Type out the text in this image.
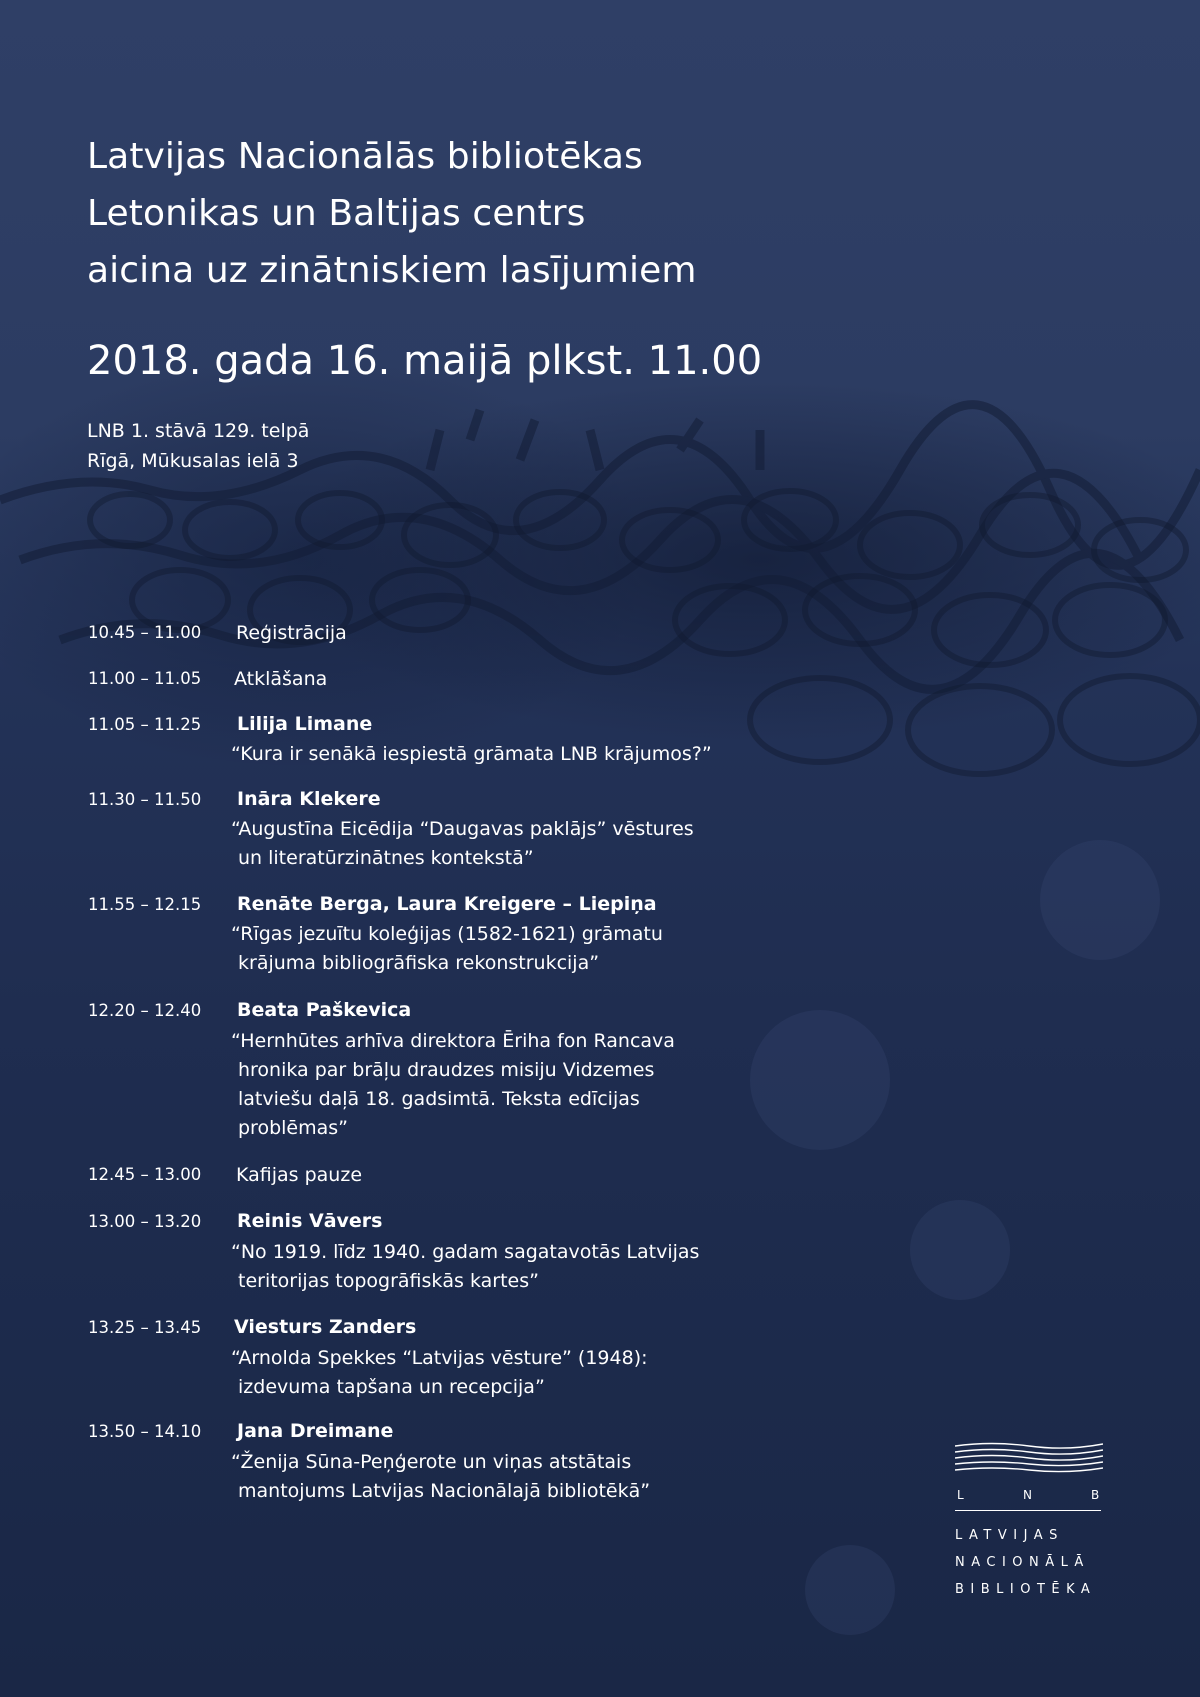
Latvijas Nacionālās bibliotēkas
Letonikas un Baltijas centrs
aicina uz zinātniskiem lasījumiem
2018. gada 16. maijā plkst. 11.00
LNB 1. stāvā 129. telpā
Rīgā, Mūkusalas ielā 3
10.45 – 11.00 Reģistrācija
11.00 – 11.05 Atklāšana
11.05 – 11.25 Lilija Limane
“Kura ir senākā iespiestā grāmata LNB krājumos?”
11.30 – 11.50 Ināra Klekere
“Augustīna Eicēdija “Daugavas paklājs” vēstures
un literatūrzinātnes kontekstā”
11.55 – 12.15 Renāte Berga, Laura Kreigere – Liepiņa
“Rīgas jezuītu koleģijas (1582-1621) grāmatu
krājuma bibliogrāfiska rekonstrukcija”
12.20 – 12.40 Beata Paškevica
“Hernhūtes arhīva direktora Ēriha fon Rancava
hronika par brāļu draudzes misiju Vidzemes
latviešu daļā 18. gadsimtā. Teksta edīcijas
problēmas”
12.45 – 13.00 Kafijas pauze
13.00 – 13.20 Reinis Vāvers
“No 1919. līdz 1940. gadam sagatavotās Latvijas
teritorijas topogrāfiskās kartes”
13.25 – 13.45 Viesturs Zanders
“Arnolda Spekkes “Latvijas vēsture” (1948):
izdevuma tapšana un recepcija”
13.50 – 14.10 Jana Dreimane
“Ženija Sūna-Peņģerote un viņas atstātais
mantojums Latvijas Nacionālajā bibliotēkā”	L	N	B
LATVIJAS
NACIONĀLĀ
BIBLIOTĒKA
